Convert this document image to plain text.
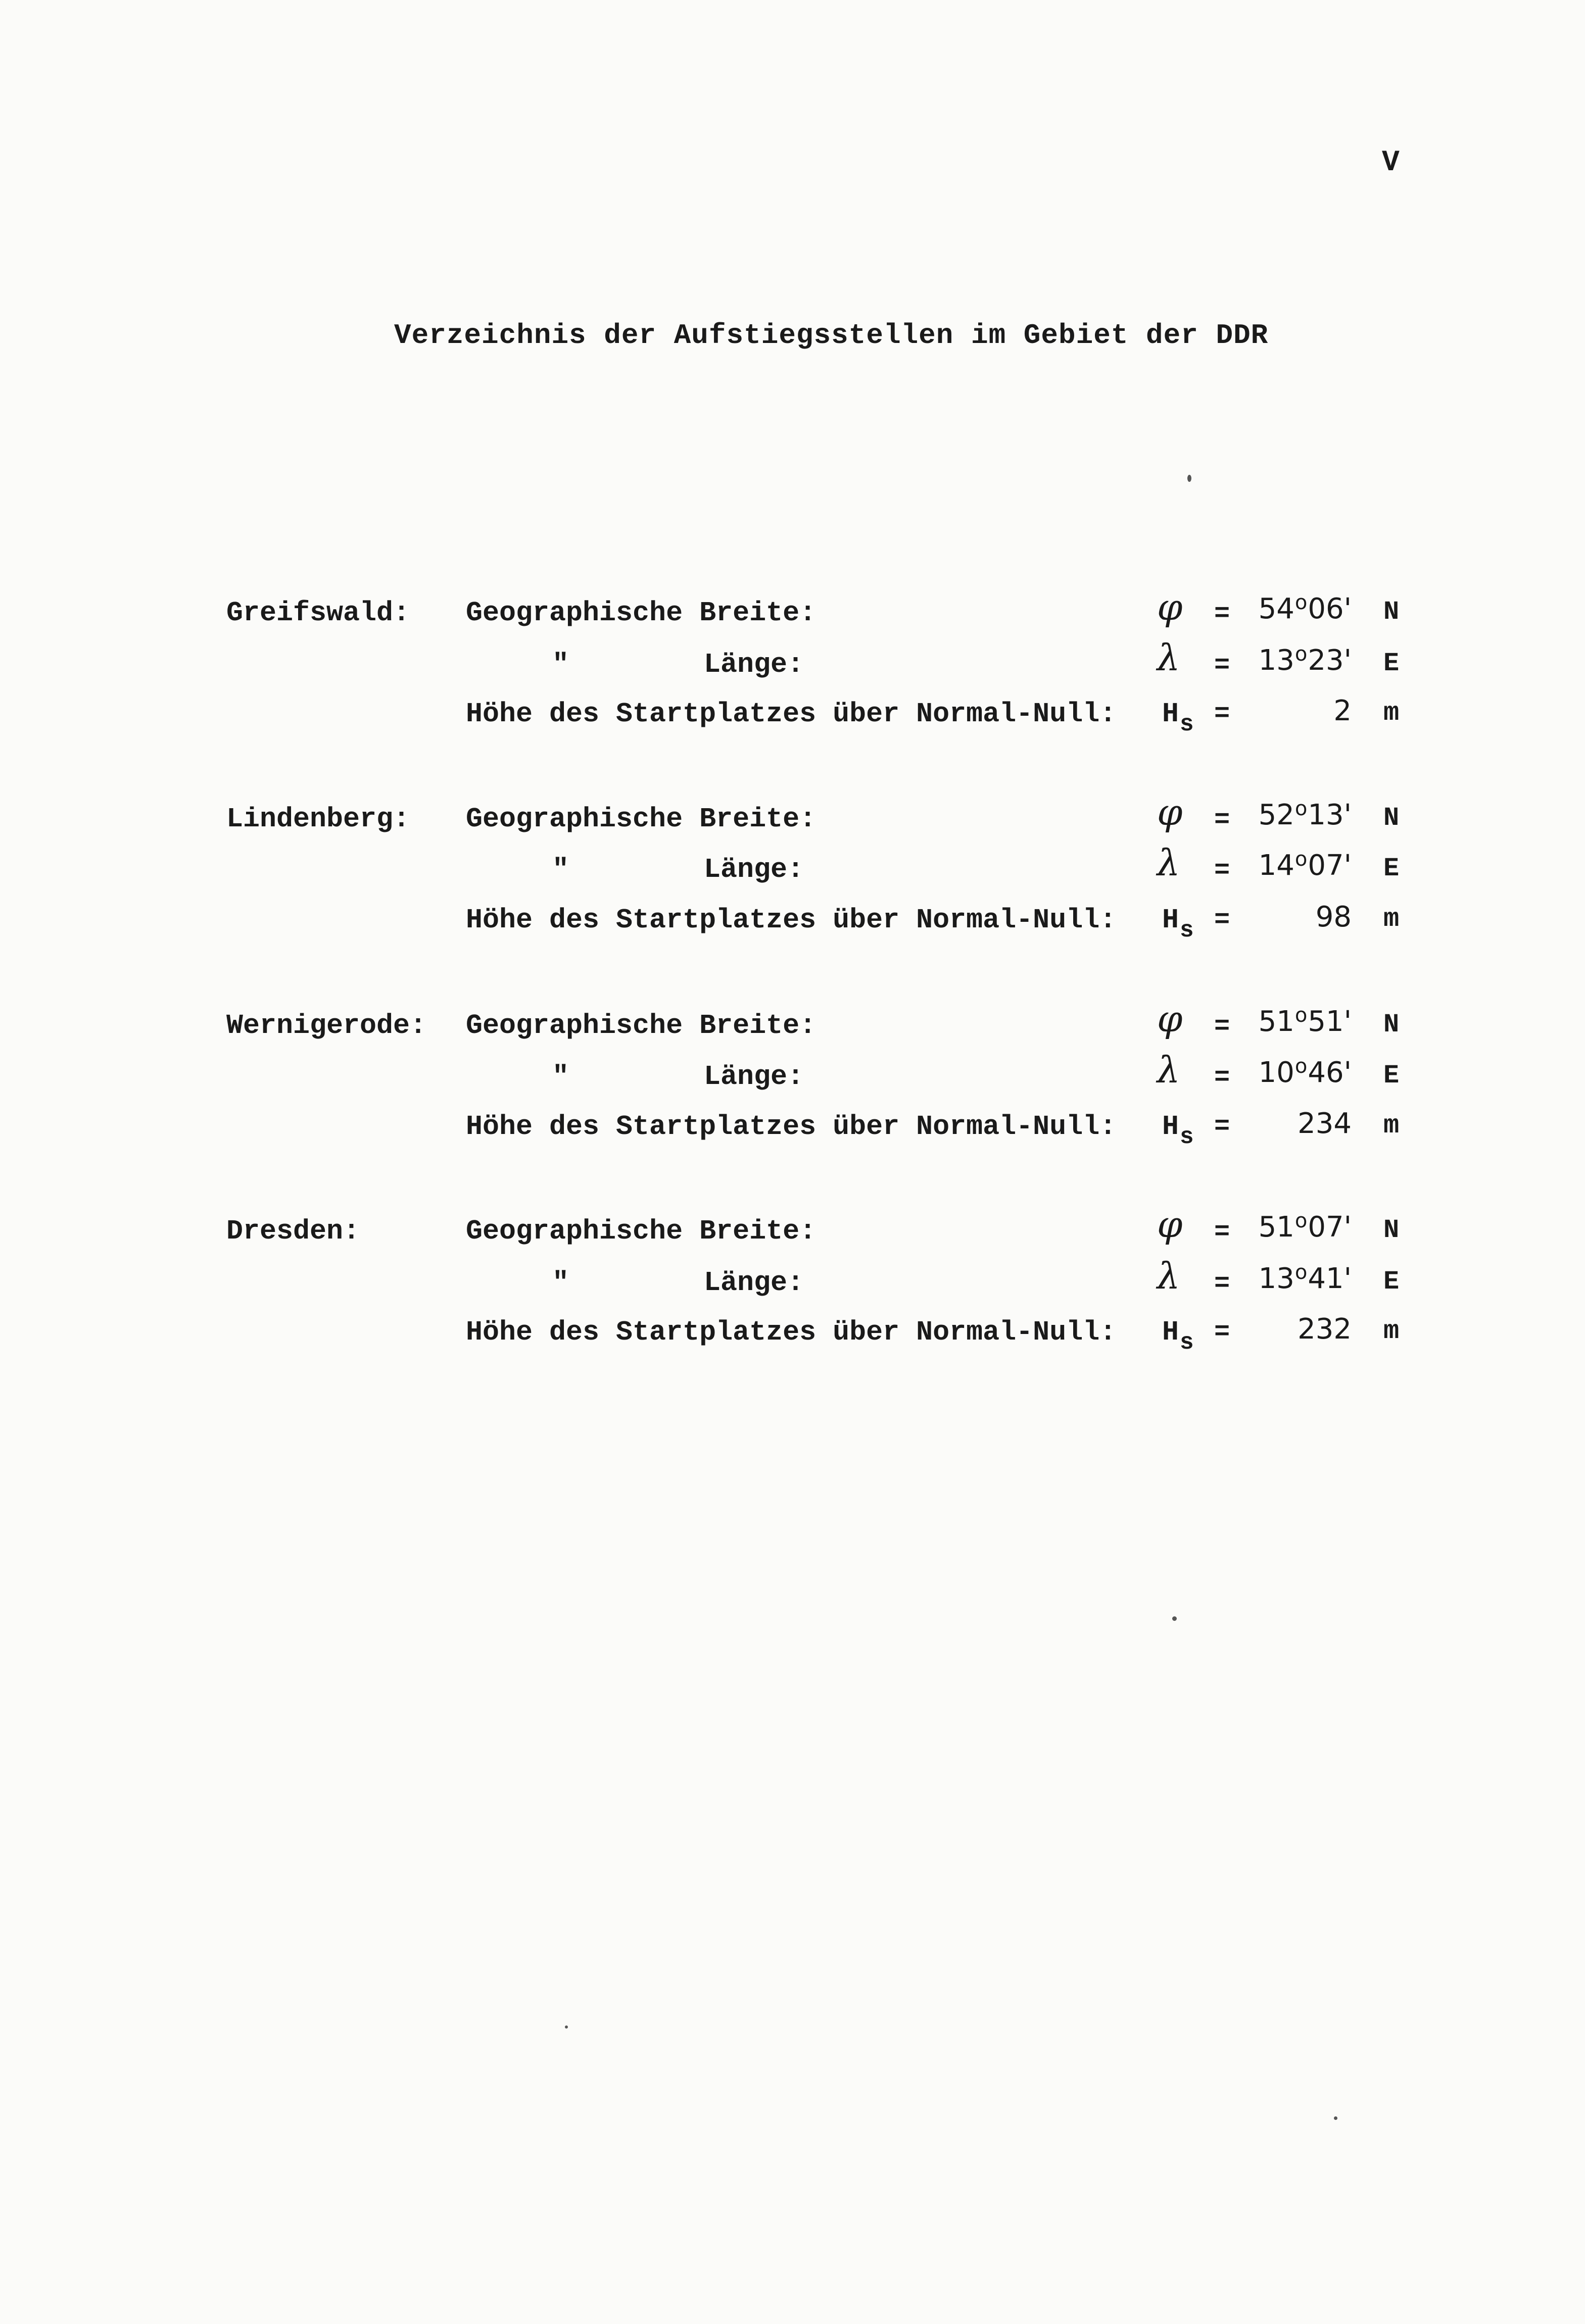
V
Verzeichnis der Aufstiegsstellen im Gebiet der DDR
Greifswald: Geographische Breite:	φ =	$54^o06'$ N
"	Länge:	λ =	$13^o23'$ E
Höhe des Startplatzes über Normal-Null: $H_s$ =	2 m
Lindenberg: Geographische Breite:	φ =	$52^o13'$ N
"	Länge:	λ =	$14^o07'$ E
Höhe des Startplatzes über Normal-Null: $H_s$ =	98 m
Wernigerode: Geographische Breite:	φ =	$51^o51'$ N
"	Länge:	λ =	$10^o46'$ E
Höhe des Startplatzes über Normal-Null: $H_s$ =	234 m
Dresden:	Geographische Breite:	φ =	$51^o07'$ N
"	Länge:	λ =	$13^o41'$ E
Höhe des Startplatzes über Normal-Null: $H_s$ =	232 m
